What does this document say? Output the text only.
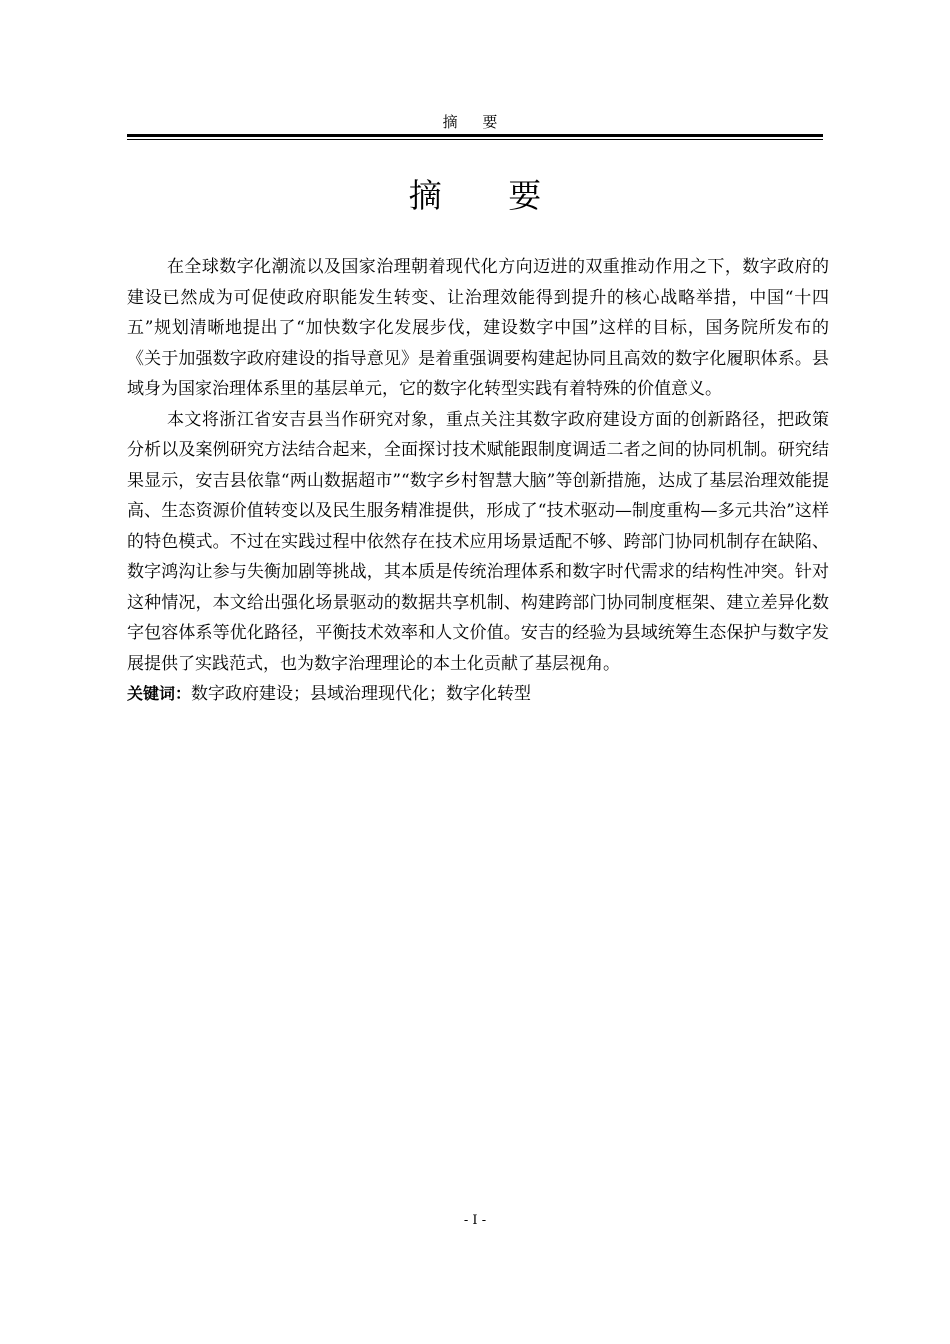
摘 要
摘 要

在全球数字化潮流以及国家治理朝着现代化方向迈进的双重推动作用之下，数字政府的建设已然成为可促使政府职能发生转变、让治理效能得到提升的核心战略举措，中国“十四五”规划清晰地提出了“加快数字化发展步伐，建设数字中国”这样的目标，国务院所发布的《关于加强数字政府建设的指导意见》是着重强调要构建起协同且高效的数字化履职体系。县域身为国家治理体系里的基层单元，它的数字化转型实践有着特殊的价值意义。

本文将浙江省安吉县当作研究对象，重点关注其数字政府建设方面的创新路径，把政策分析以及案例研究方法结合起来，全面探讨技术赋能跟制度调适二者之间的协同机制。研究结果显示，安吉县依靠“两山数据超市”“数字乡村智慧大脑”等创新措施，达成了基层治理效能提高、生态资源价值转变以及民生服务精准提供，形成了“技术驱动—制度重构—多元共治”这样的特色模式。不过在实践过程中依然存在技术应用场景适配不够、跨部门协同机制存在缺陷、数字鸿沟让参与失衡加剧等挑战，其本质是传统治理体系和数字时代需求的结构性冲突。针对这种情况，本文给出强化场景驱动的数据共享机制、构建跨部门协同制度框架、建立差异化数字包容体系等优化路径，平衡技术效率和人文价值。安吉的经验为县域统筹生态保护与数字发展提供了实践范式，也为数字治理理论的本土化贡献了基层视角。

关键词：数字政府建设；县域治理现代化；数字化转型

- I -
